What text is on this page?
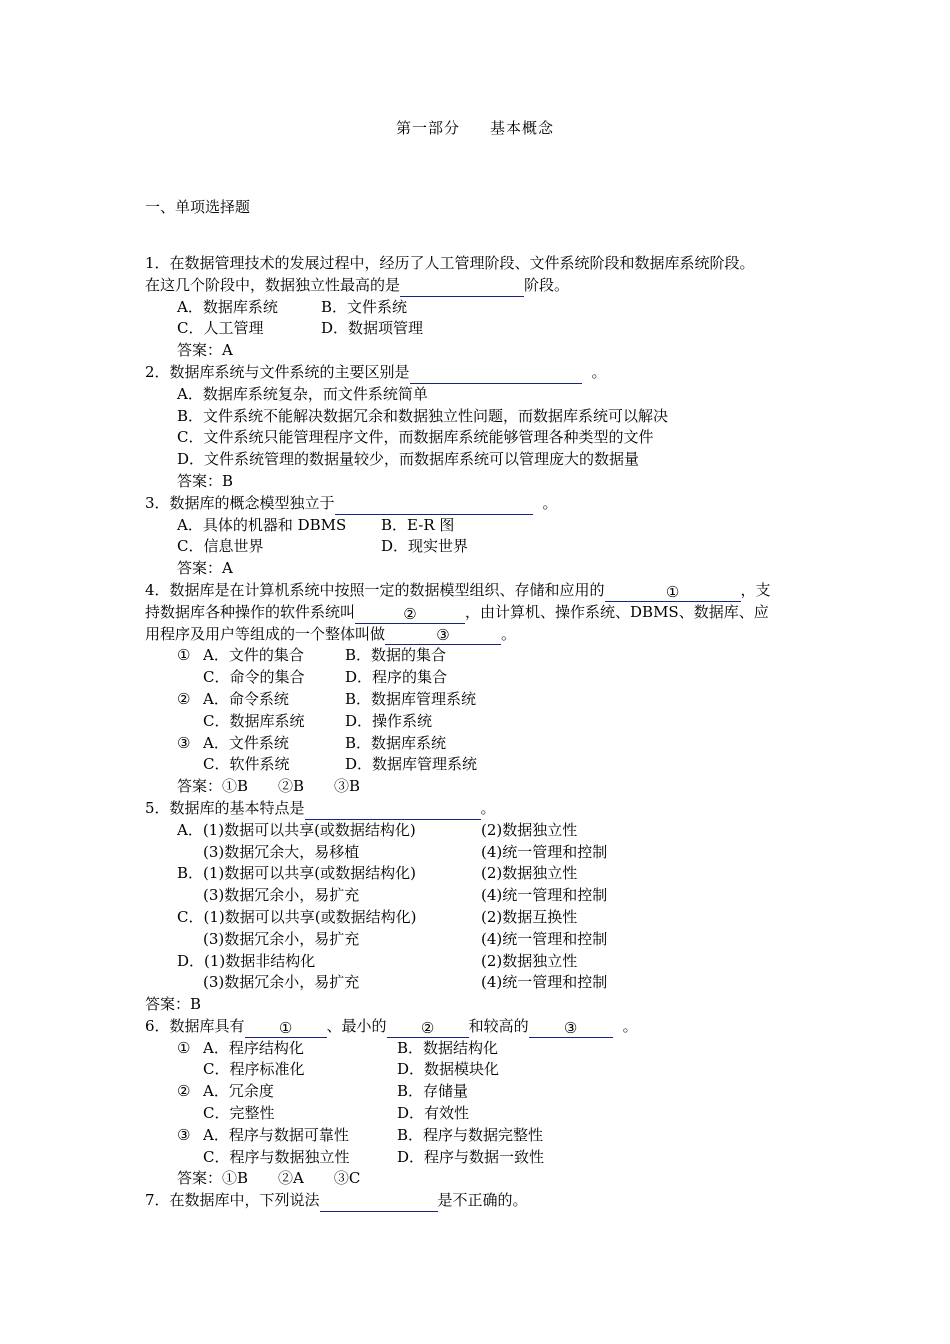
第一部分 基本概念
一、单项选择题
1．在数据管理技术的发展过程中，经历了人工管理阶段、文件系统阶段和数据库系统阶段。
在这几个阶段中，数据独立性最高的是	阶段。
A．数据库系统	B．文件系统
C．人工管理	D．数据项管理
答案：A
2．数据库系统与文件系统的主要区别是	。
A．数据库系统复杂，而文件系统简单
B．文件系统不能解决数据冗余和数据独立性问题，而数据库系统可以解决
C．文件系统只能管理程序文件，而数据库系统能够管理各种类型的文件
D．文件系统管理的数据量较少，而数据库系统可以管理庞大的数据量
答案：B
3．数据库的概念模型独立于	。
A．具体的机器和 DBMS B．E-R 图
C．信息世界	D．现实世界
答案：A
4．数据库是在计算机系统中按照一定的数据模型组织、存储和应用的	①	，支
持数据库各种操作的软件系统叫	②	，由计算机、操作系统、DBMS、数据库、应
用程序及用户等组成的一个整体叫做	③	。
① A．文件的集合	B．数据的集合
C．命令的集合	D．程序的集合
② A．命令系统	B．数据库管理系统
C．数据库系统	D．操作系统
③ A．文件系统	B．数据库系统
C．软件系统	D．数据库管理系统
答案：①B　　②B　　③B
5．数据库的基本特点是	。
A．(1)数据可以共享(或数据结构化)	(2)数据独立性
(3)数据冗余大，易移植	(4)统一管理和控制
B．(1)数据可以共享(或数据结构化)	(2)数据独立性
(3)数据冗余小，易扩充	(4)统一管理和控制
C．(1)数据可以共享(或数据结构化)	(2)数据互换性
(3)数据冗余小，易扩充	(4)统一管理和控制
D．(1)数据非结构化	(2)数据独立性
(3)数据冗余小，易扩充	(4)统一管理和控制
答案：B
6．数据库具有 ① 、最小的 ② 和较高的 ③	。
① A．程序结构化	B．数据结构化
C．程序标准化	D．数据模块化
② A．冗余度	B．存储量
C．完整性	D．有效性
③ A．程序与数据可靠性	B．程序与数据完整性
C．程序与数据独立性	D．程序与数据一致性
答案：①B　　②A　　③C
7．在数据库中，下列说法	是不正确的。
